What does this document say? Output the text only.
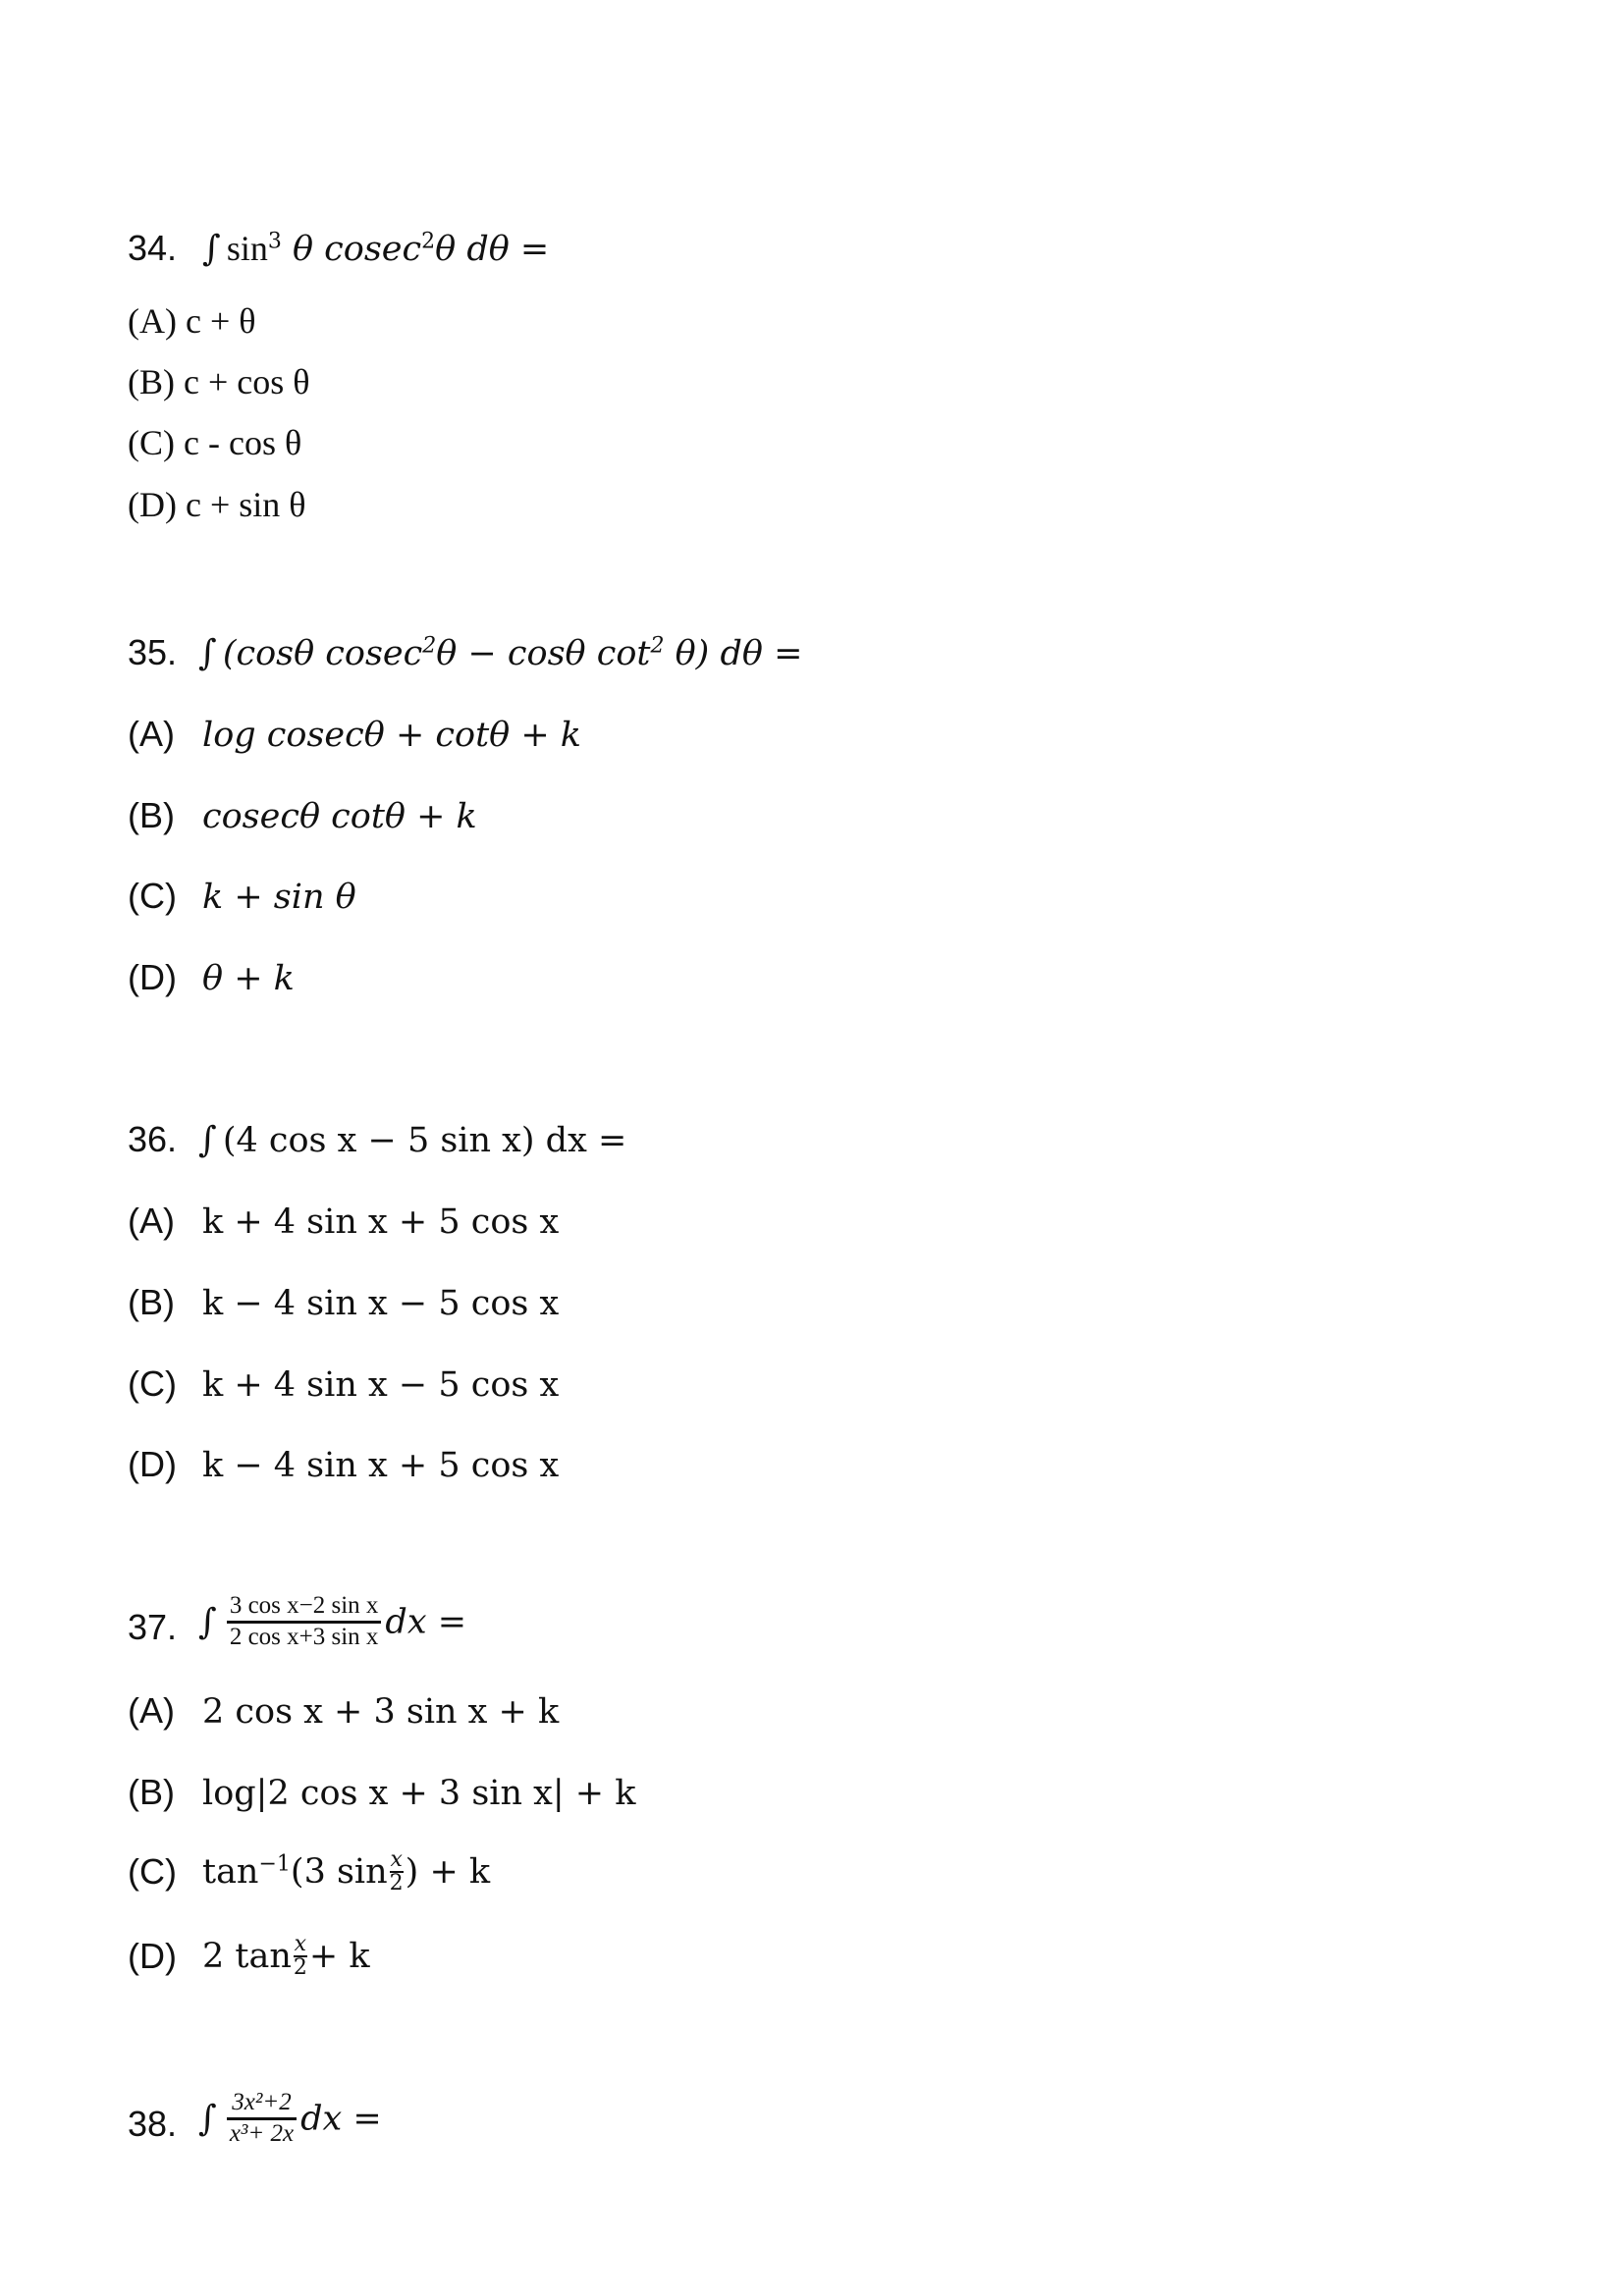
34. ∫ $\sin^3 \theta$ cosec$^2$θ dθ =
(A) c + θ
(B) c + cos θ
(C) c - cos θ
(D) c + sin θ
35. ∫ (cosθ cosec$^2$θ − cosθ $\cot^2 \theta$) dθ =
(A) log cosecθ + cotθ + k
(B) cosecθ cotθ + k
(C) k + sin θ
(D) θ + k
36. ∫ (4 cos x − 5 sin x) dx =
(A) k + 4 sin x + 5 cos x
(B) k − 4 sin x − 5 cos x
(C) k + 4 sin x − 5 cos x
(D) k − 4 sin x + 5 cos x
37. ∫ $\frac{\text{3 cos x−2 sin x}}{\text{2 cos x+3 sin x}}$ dx =
(A) 2 cos x + 3 sin x + k
(B) log|2 cos x + 3 sin x| + k
(C) $\tan^{-1}(3$ $\sin \frac{x}{2}$ ) + k
(D) 2 $\tan \frac{x}{2} + k$
38. ∫ $\frac{\text{3x²+2}}{\text{x³+ 2x}}$ dx =
